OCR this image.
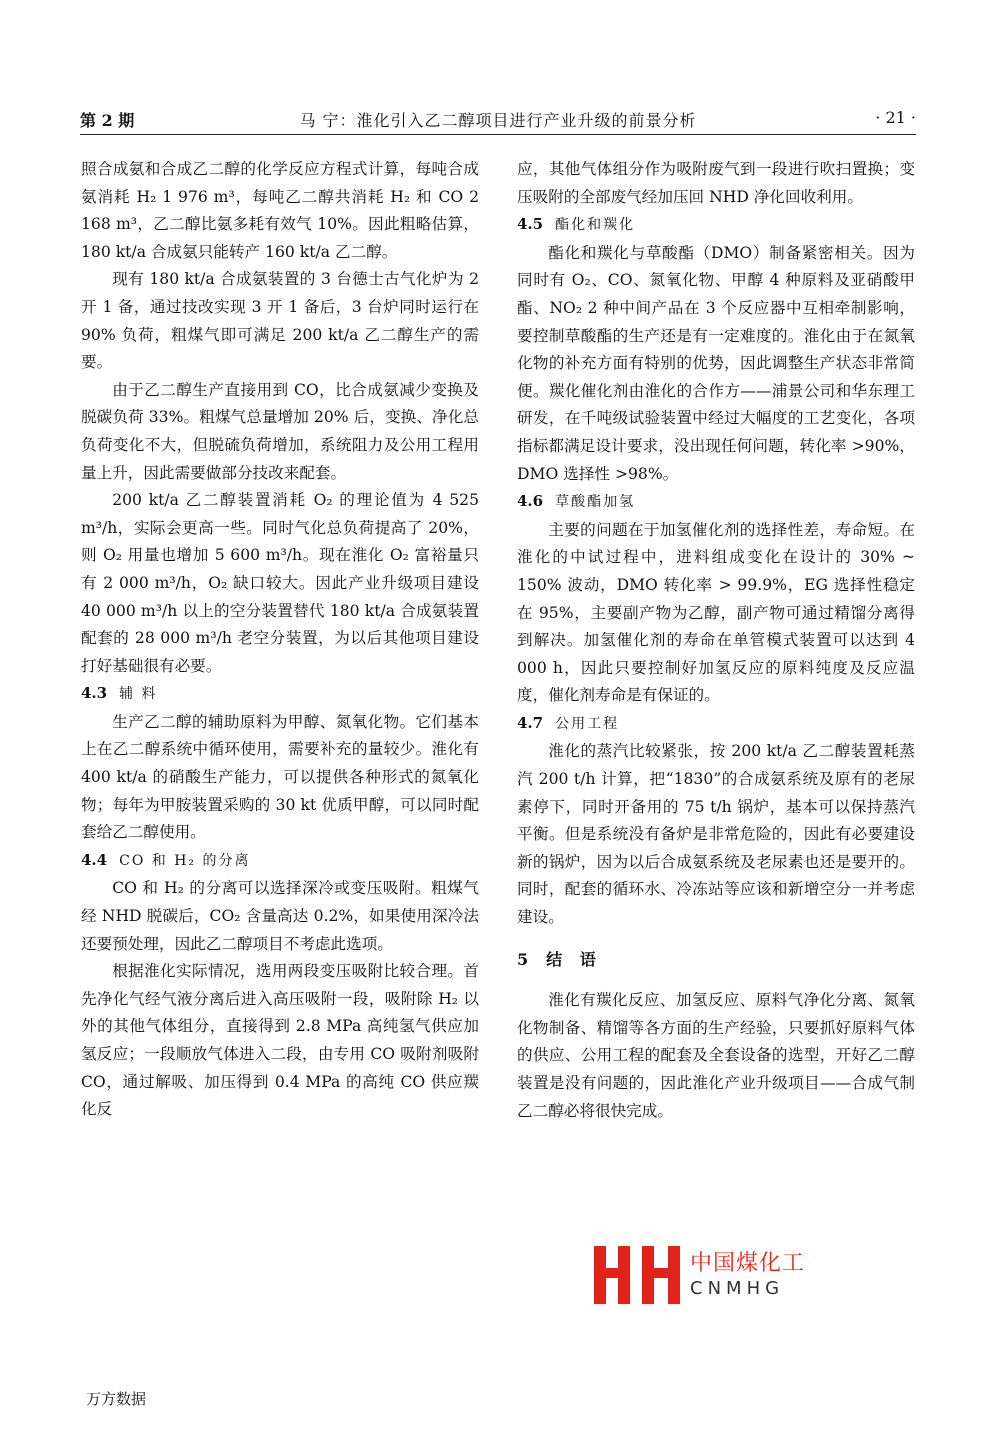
第 2 期	马 宁：淮化引入乙二醇项目进行产业升级的前景分析	· 21 ·

照合成氨和合成乙二醇的化学反应方程式计算，每吨合成氨消耗 H₂ 1 976 m³，每吨乙二醇共消耗 H₂ 和 CO 2 168 m³，乙二醇比氨多耗有效气 10%。因此粗略估算，180 kt/a 合成氨只能转产 160 kt/a 乙二醇。

现有 180 kt/a 合成氨装置的 3 台德士古气化炉为 2 开 1 备，通过技改实现 3 开 1 备后，3 台炉同时运行在 90% 负荷，粗煤气即可满足 200 kt/a 乙二醇生产的需要。

由于乙二醇生产直接用到 CO，比合成氨减少变换及脱碳负荷 33%。粗煤气总量增加 20% 后，变换、净化总负荷变化不大，但脱硫负荷增加，系统阻力及公用工程用量上升，因此需要做部分技改来配套。

200 kt/a 乙二醇装置消耗 O₂ 的理论值为 4 525 m³/h，实际会更高一些。同时气化总负荷提高了 20%，则 O₂ 用量也增加 5 600 m³/h。现在淮化 O₂ 富裕量只有 2 000 m³/h，O₂ 缺口较大。因此产业升级项目建设 40 000 m³/h 以上的空分装置替代 180 kt/a 合成氨装置配套的 28 000 m³/h 老空分装置，为以后其他项目建设打好基础很有必要。

4.3 辅 料

生产乙二醇的辅助原料为甲醇、氮氧化物。它们基本上在乙二醇系统中循环使用，需要补充的量较少。淮化有 400 kt/a 的硝酸生产能力，可以提供各种形式的氮氧化物；每年为甲胺装置采购的 30 kt 优质甲醇，可以同时配套给乙二醇使用。

4.4 CO 和 H₂ 的分离

CO 和 H₂ 的分离可以选择深冷或变压吸附。粗煤气经 NHD 脱碳后，CO₂ 含量高达 0.2%，如果使用深冷法还要预处理，因此乙二醇项目不考虑此选项。

根据淮化实际情况，选用两段变压吸附比较合理。首先净化气经气液分离后进入高压吸附一段，吸附除 H₂ 以外的其他气体组分，直接得到 2.8 MPa 高纯氢气供应加氢反应；一段顺放气体进入二段，由专用 CO 吸附剂吸附 CO，通过解吸、加压得到 0.4 MPa 的高纯 CO 供应羰化反

应，其他气体组分作为吸附废气到一段进行吹扫置换；变压吸附的全部废气经加压回 NHD 净化回收利用。

4.5 酯化和羰化

酯化和羰化与草酸酯（DMO）制备紧密相关。因为同时有 O₂、CO、氮氧化物、甲醇 4 种原料及亚硝酸甲酯、NO₂ 2 种中间产品在 3 个反应器中互相牵制影响，要控制草酸酯的生产还是有一定难度的。淮化由于在氮氧化物的补充方面有特别的优势，因此调整生产状态非常简便。羰化催化剂由淮化的合作方——浦景公司和华东理工研发，在千吨级试验装置中经过大幅度的工艺变化，各项指标都满足设计要求，没出现任何问题，转化率 >90%，DMO 选择性 >98%。

4.6 草酸酯加氢

主要的问题在于加氢催化剂的选择性差，寿命短。在淮化的中试过程中，进料组成变化在设计的 30% ~ 150% 波动，DMO 转化率 > 99.9%，EG 选择性稳定在 95%，主要副产物为乙醇，副产物可通过精馏分离得到解决。加氢催化剂的寿命在单管模式装置可以达到 4 000 h，因此只要控制好加氢反应的原料纯度及反应温度，催化剂寿命是有保证的。

4.7 公用工程

淮化的蒸汽比较紧张，按 200 kt/a 乙二醇装置耗蒸汽 200 t/h 计算，把“1830”的合成氨系统及原有的老尿素停下，同时开备用的 75 t/h 锅炉，基本可以保持蒸汽平衡。但是系统没有备炉是非常危险的，因此有必要建设新的锅炉，因为以后合成氨系统及老尿素也还是要开的。同时，配套的循环水、冷冻站等应该和新增空分一并考虑建设。

5 结 语

淮化有羰化反应、加氢反应、原料气净化分离、氮氧化物制备、精馏等各方面的生产经验，只要抓好原料气体的供应、公用工程的配套及全套设备的选型，开好乙二醇装置是没有问题的，因此淮化产业升级项目——合成气制乙二醇必将很快完成。

中国煤化工
CNMHG
万方数据
